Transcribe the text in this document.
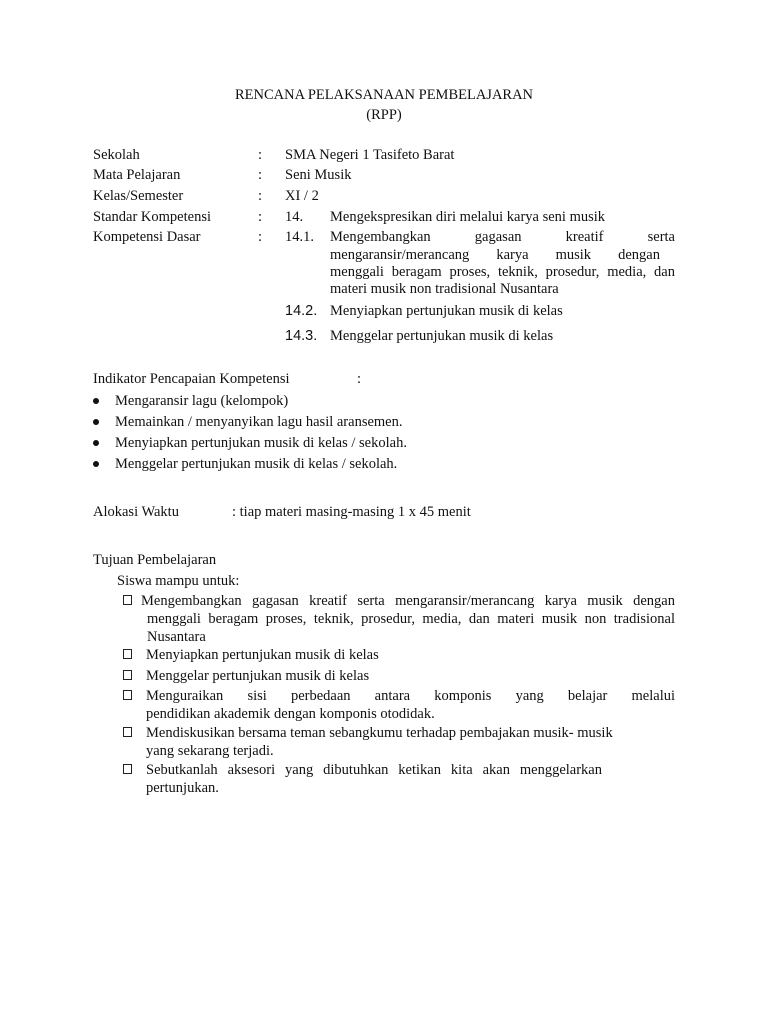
RENCANA PELAKSANAAN PEMBELAJARAN
(RPP)
Sekolah	: SMA Negeri 1 Tasifeto Barat
Mata Pelajaran	: Seni Musik
Kelas/Semester	: XI / 2
Standar Kompetensi	: 14. Mengekspresikan diri melalui karya seni musik
Kompetensi Dasar	: 14.1. Mengembangkan gagasan kreatif serta
mengaransir/merancang karya musik dengan
menggali beragam proses, teknik, prosedur, media, dan
materi musik non tradisional Nusantara
14.2. Menyiapkan pertunjukan musik di kelas
14.3. Menggelar pertunjukan musik di kelas
Indikator Pencapaian Kompetensi	:
Mengaransir lagu (kelompok)
Memainkan / menyanyikan lagu hasil aransemen.
Menyiapkan pertunjukan musik di kelas / sekolah.
Menggelar pertunjukan musik di kelas / sekolah.
Alokasi Waktu	: tiap materi masing-masing 1 x 45 menit
Tujuan Pembelajaran
Siswa mampu untuk:
Mengembangkan gagasan kreatif serta mengaransir/merancang karya musik dengan
menggali beragam proses, teknik, prosedur, media, dan materi musik non tradisional
Nusantara
Menyiapkan pertunjukan musik di kelas
Menggelar pertunjukan musik di kelas
Menguraikan sisi perbedaan antara komponis yang belajar melalui
pendidikan akademik dengan komponis otodidak.
Mendiskusikan bersama teman sebangkumu terhadap pembajakan musik- musik
yang sekarang terjadi.
Sebutkanlah aksesori yang dibutuhkan ketikan kita akan menggelarkan
pertunjukan.
